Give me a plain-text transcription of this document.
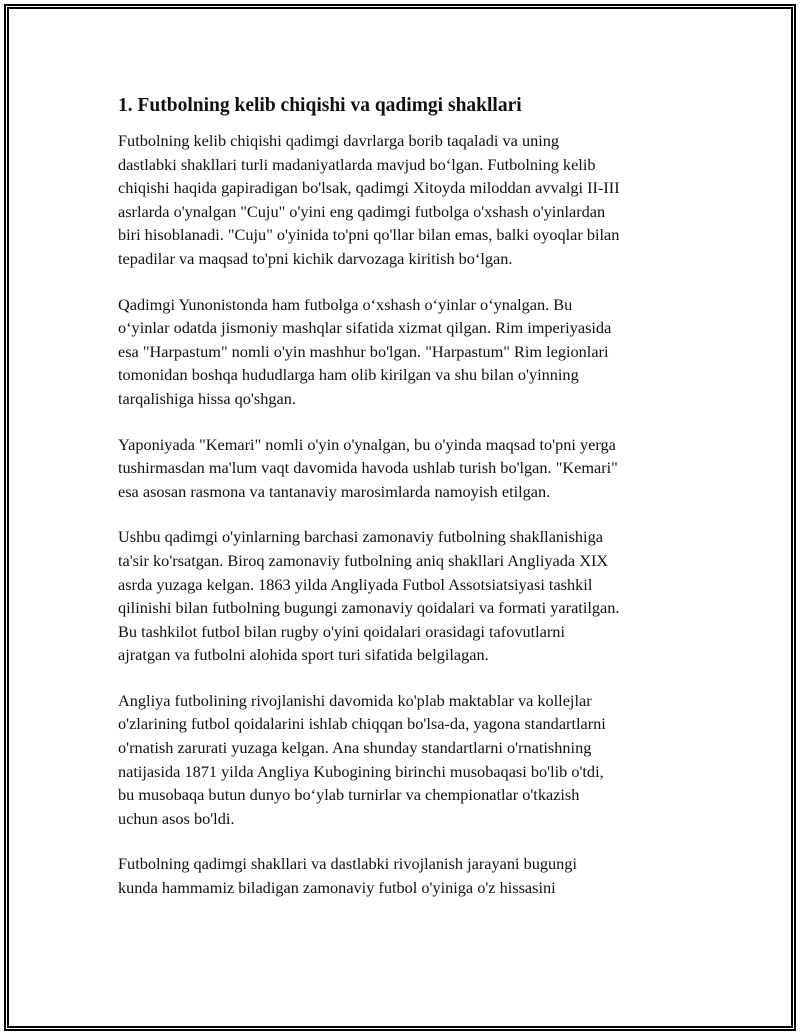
1. Futbolning kelib chiqishi va qadimgi shakllari

Futbolning kelib chiqishi qadimgi davrlarga borib taqaladi va uning
dastlabki shakllari turli madaniyatlarda mavjud boʻlgan. Futbolning kelib
chiqishi haqida gapiradigan bo'lsak, qadimgi Xitoyda miloddan avvalgi II-III
asrlarda o'ynalgan "Cuju" o'yini eng qadimgi futbolga o'xshash o'yinlardan
biri hisoblanadi. "Cuju" o'yinida to'pni qo'llar bilan emas, balki oyoqlar bilan
tepadilar va maqsad to'pni kichik darvozaga kiritish boʻlgan.

Qadimgi Yunonistonda ham futbolga oʻxshash oʻyinlar oʻynalgan. Bu
oʻyinlar odatda jismoniy mashqlar sifatida xizmat qilgan. Rim imperiyasida
esa "Harpastum" nomli o'yin mashhur bo'lgan. "Harpastum" Rim legionlari
tomonidan boshqa hududlarga ham olib kirilgan va shu bilan o'yinning
tarqalishiga hissa qo'shgan.

Yaponiyada "Kemari" nomli o'yin o'ynalgan, bu o'yinda maqsad to'pni yerga
tushirmasdan ma'lum vaqt davomida havoda ushlab turish bo'lgan. "Kemari"
esa asosan rasmona va tantanaviy marosimlarda namoyish etilgan.

Ushbu qadimgi o'yinlarning barchasi zamonaviy futbolning shakllanishiga
ta'sir ko'rsatgan. Biroq zamonaviy futbolning aniq shakllari Angliyada XIX
asrda yuzaga kelgan. 1863 yilda Angliyada Futbol Assotsiatsiyasi tashkil
qilinishi bilan futbolning bugungi zamonaviy qoidalari va formati yaratilgan.
Bu tashkilot futbol bilan rugby o'yini qoidalari orasidagi tafovutlarni
ajratgan va futbolni alohida sport turi sifatida belgilagan.

Angliya futbolining rivojlanishi davomida ko'plab maktablar va kollejlar
o'zlarining futbol qoidalarini ishlab chiqqan bo'lsa-da, yagona standartlarni
o'rnatish zarurati yuzaga kelgan. Ana shunday standartlarni o'rnatishning
natijasida 1871 yilda Angliya Kubogining birinchi musobaqasi bo'lib o'tdi,
bu musobaqa butun dunyo boʻylab turnirlar va chempionatlar o'tkazish
uchun asos bo'ldi.

Futbolning qadimgi shakllari va dastlabki rivojlanish jarayani bugungi
kunda hammamiz biladigan zamonaviy futbol o'yiniga o'z hissasini
